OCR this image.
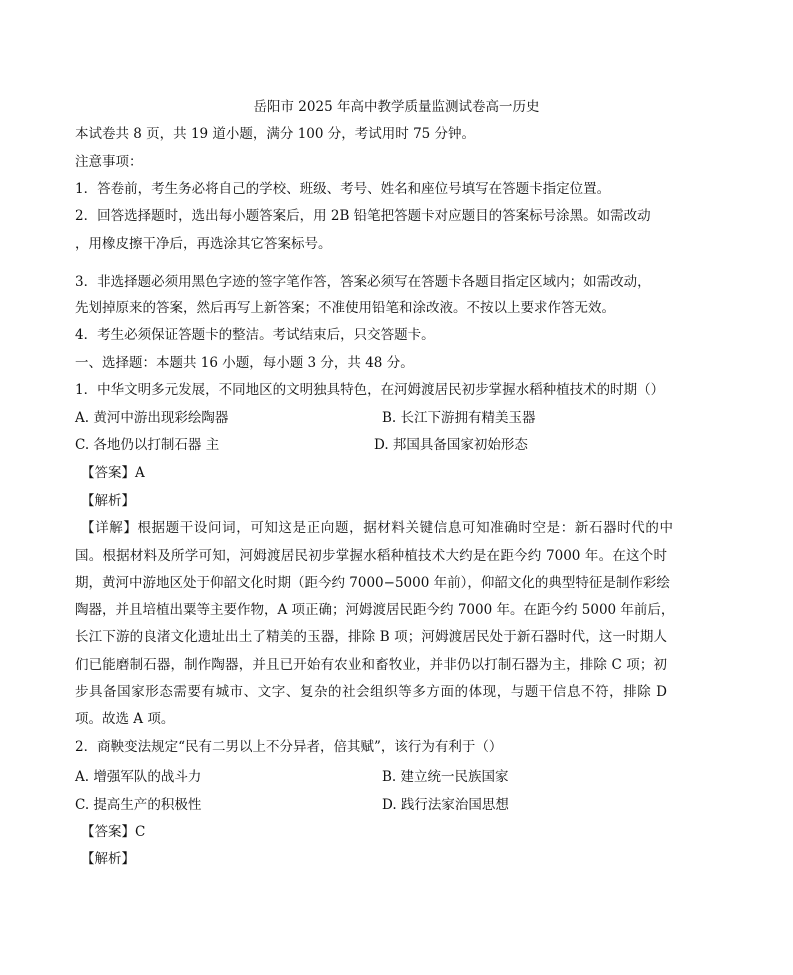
岳阳市 2025 年高中教学质量监测试卷高一历史
本试卷共 8 页，共 19 道小题，满分 100 分，考试用时 75 分钟。
注意事项：
1．答卷前，考生务必将自己的学校、班级、考号、姓名和座位号填写在答题卡指定位置。
2．回答选择题时，选出每小题答案后，用 2B 铅笔把答题卡对应题目的答案标号涂黑。如需改动
，用橡皮擦干净后，再选涂其它答案标号。
3．非选择题必须用黑色字迹的签字笔作答，答案必须写在答题卡各题目指定区域内；如需改动，
先划掉原来的答案，然后再写上新答案；不准使用铅笔和涂改液。不按以上要求作答无效。
4．考生必须保证答题卡的整洁。考试结束后，只交答题卡。
一、选择题：本题共 16 小题，每小题 3 分，共 48 分。
1．中华文明多元发展，不同地区的文明独具特色，在河姆渡居民初步掌握水稻种植技术的时期（）
A. 黄河中游出现彩绘陶器	B. 长江下游拥有精美玉器
C. 各地仍以打制石器 主	D. 邦国具备国家初始形态
【答案】A
【解析】
【详解】根据题干设问词，可知这是正向题，据材料关键信息可知准确时空是：新石器时代的中
国。根据材料及所学可知，河姆渡居民初步掌握水稻种植技术大约是在距今约 7000 年。在这个时
期，黄河中游地区处于仰韶文化时期（距今约 7000−5000 年前），仰韶文化的典型特征是制作彩绘
陶器，并且培植出粟等主要作物，A 项正确；河姆渡居民距今约 7000 年。在距今约 5000 年前后，
长江下游的良渚文化遗址出土了精美的玉器，排除 B 项；河姆渡居民处于新石器时代，这一时期人
们已能磨制石器，制作陶器，并且已开始有农业和畜牧业，并非仍以打制石器为主，排除 C 项；初
步具备国家形态需要有城市、文字、复杂的社会组织等多方面的体现，与题干信息不符，排除 D
项。故选 A 项。
2．商鞅变法规定“民有二男以上不分异者，倍其赋”，该行为有利于（）
A. 增强军队的战斗力	B. 建立统一民族国家
C. 提高生产的积极性	D. 践行法家治国思想
【答案】C
【解析】
